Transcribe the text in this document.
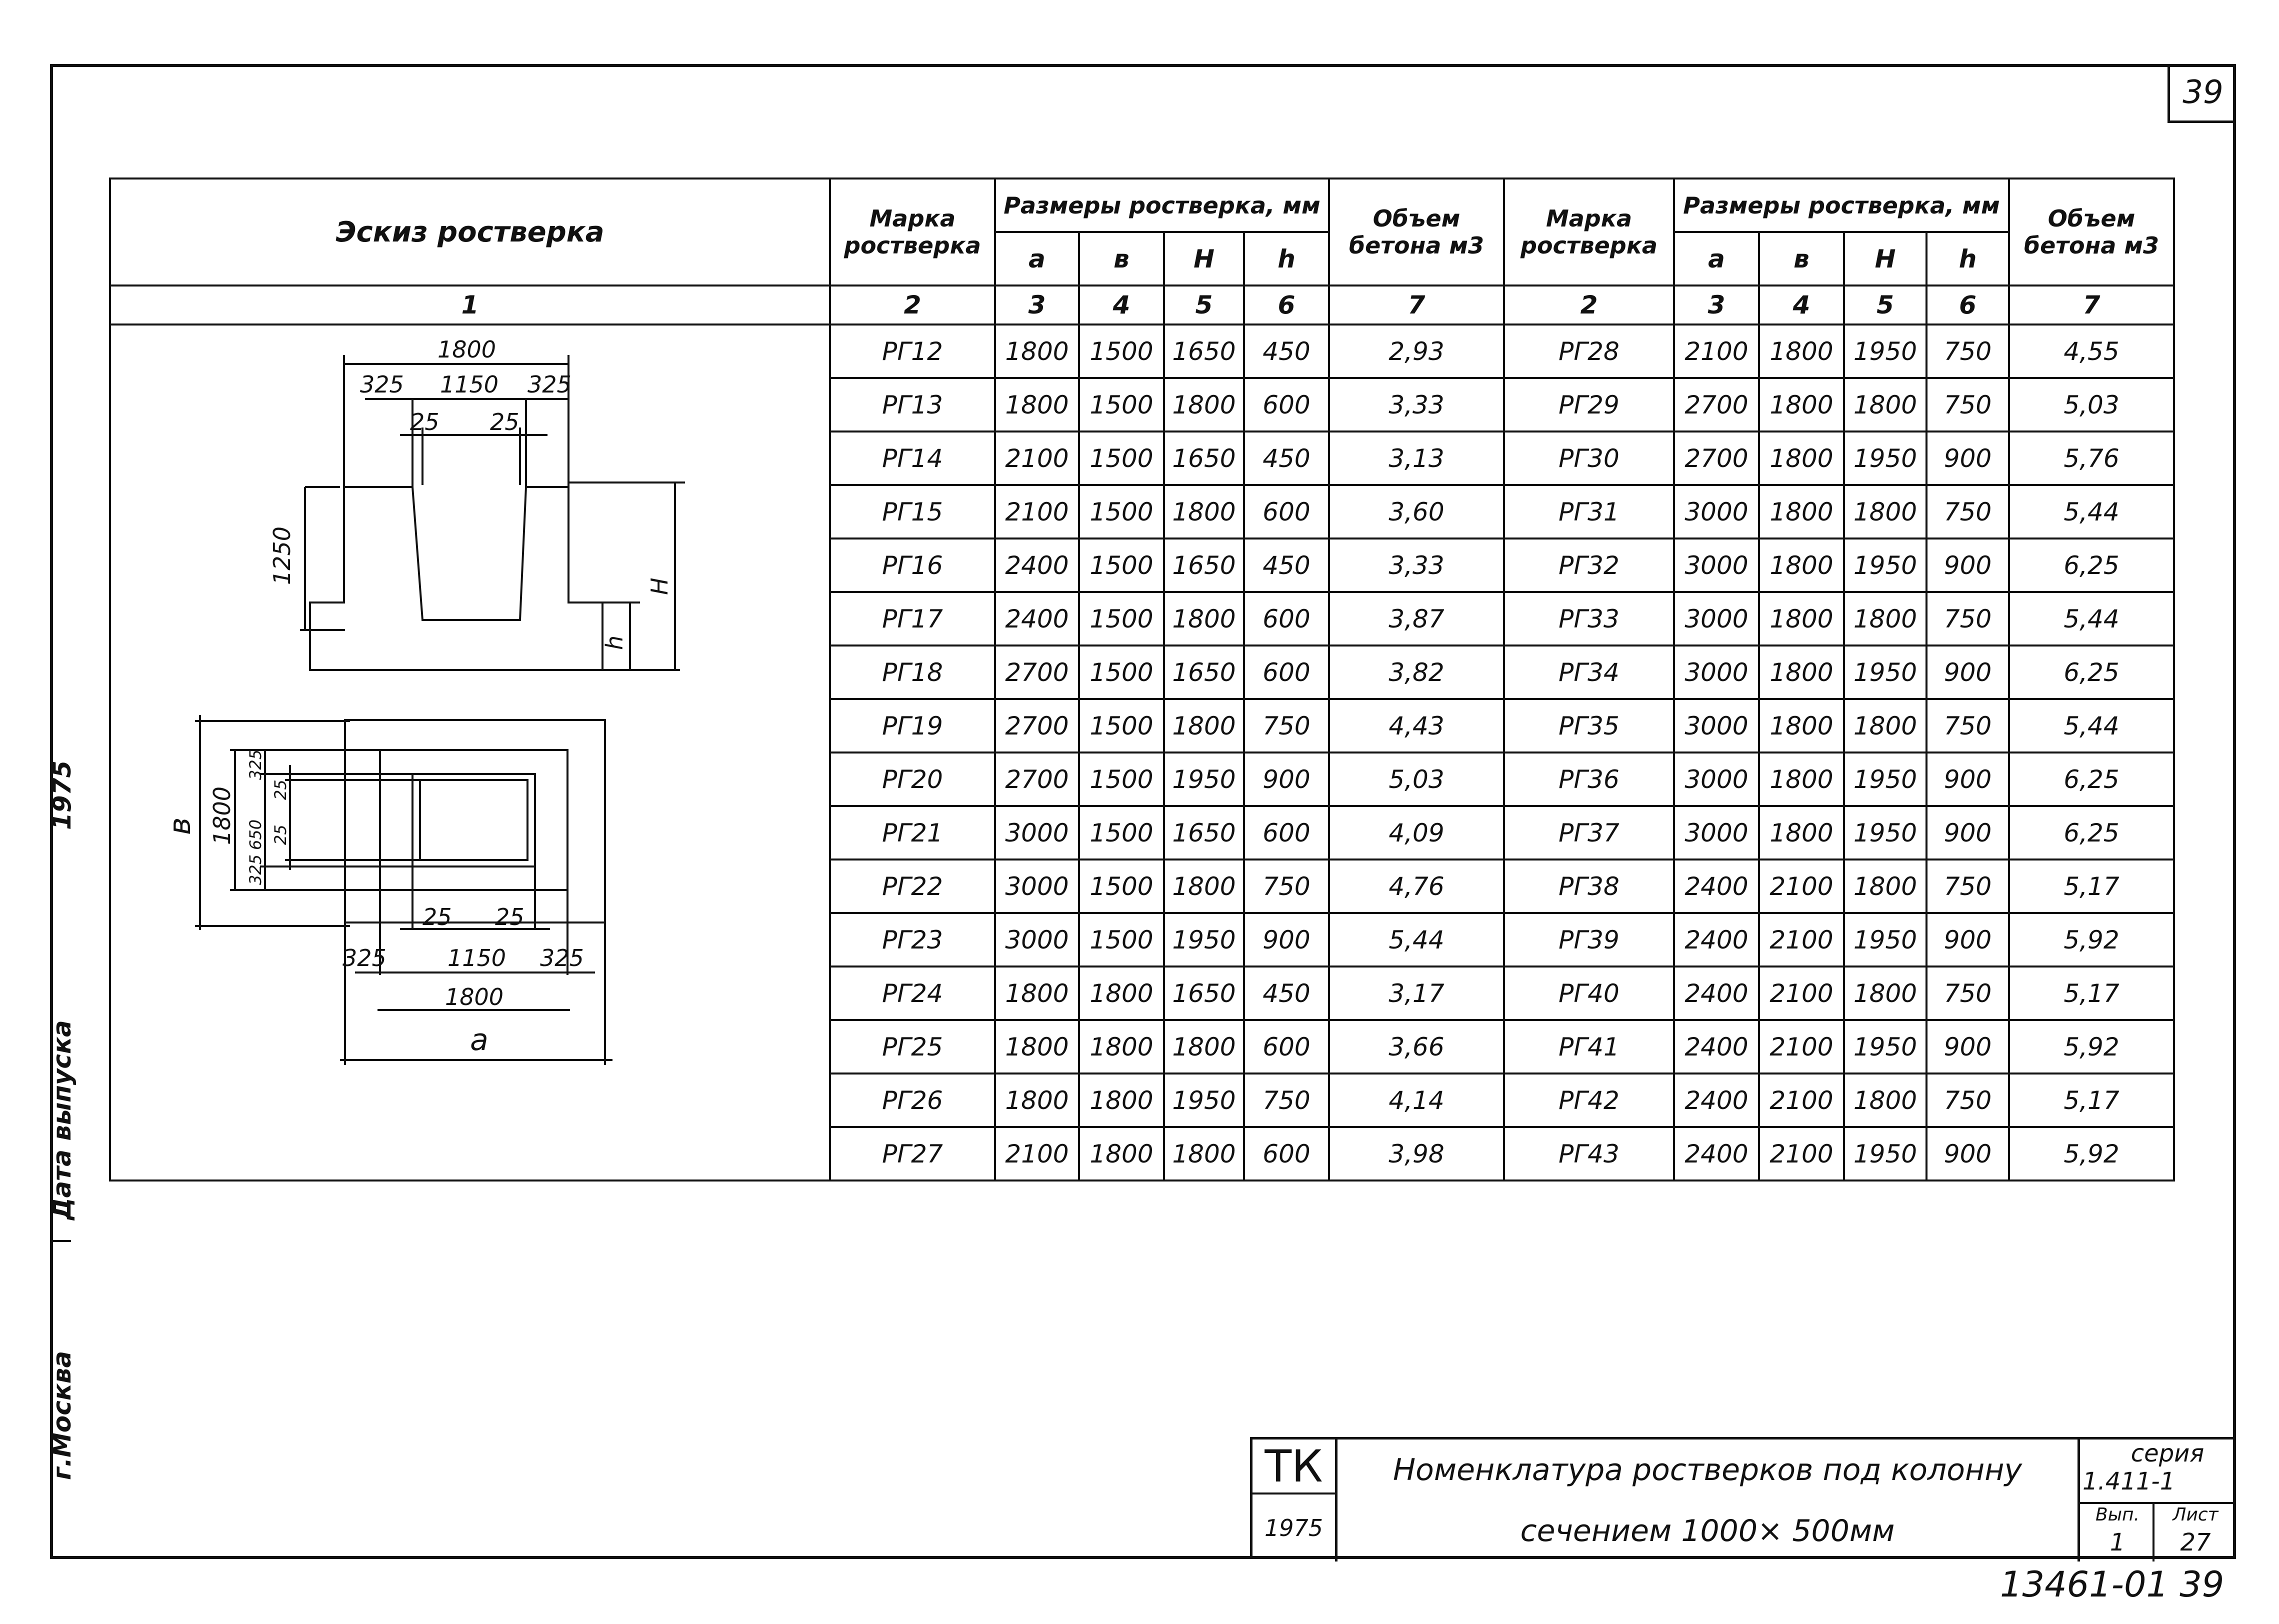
39
Эскиз ростверка	Марка ростверка	Размеры ростверка, мм				Объем бетона м3	Марка ростверка	Размеры ростверка, мм				Объем бетона м3
		a	в	H	h			a	в	H	h	
1	2	3	4	5	6	7	2	3	4	5	6	7
	РГ12	1800	1500	1650	450	2,93	РГ28	2100	1800	1950	750	4,55
	РГ13	1800	1500	1800	600	3,33	РГ29	2700	1800	1800	750	5,03
	РГ14	2100	1500	1650	450	3,13	РГ30	2700	1800	1950	900	5,76
	РГ15	2100	1500	1800	600	3,60	РГ31	3000	1800	1800	750	5,44
	РГ16	2400	1500	1650	450	3,33	РГ32	3000	1800	1950	900	6,25
	РГ17	2400	1500	1800	600	3,87	РГ33	3000	1800	1800	750	5,44
	РГ18	2700	1500	1650	600	3,82	РГ34	3000	1800	1950	900	6,25
	РГ19	2700	1500	1800	750	4,43	РГ35	3000	1800	1800	750	5,44
	РГ20	2700	1500	1950	900	5,03	РГ36	3000	1800	1950	900	6,25
	РГ21	3000	1500	1650	600	4,09	РГ37	3000	1800	1950	900	6,25
	РГ22	3000	1500	1800	750	4,76	РГ38	2400	2100	1800	750	5,17
	РГ23	3000	1500	1950	900	5,44	РГ39	2400	2100	1950	900	5,92
	РГ24	1800	1800	1650	450	3,17	РГ40	2400	2100	1800	750	5,17
	РГ25	1800	1800	1800	600	3,66	РГ41	2400	2100	1950	900	5,92
	РГ26	1800	1800	1950	750	4,14	РГ42	2400	2100	1800	750	5,17
	РГ27	2100	1800	1800	600	3,98	РГ43	2400	2100	1950	900	5,92
1800
325 1150 325
25 25
1250
H
h
в 1800
325
650
325
25
25
25 25
325	1150 325
1800
a
г.Москва
Дата выпуска
1975
ТК
1975
Номенклатура ростверков под колонну
сечением 1000× 500мм
серия
1.411-1
Вып.
1
Лист
27
13461-01 39
